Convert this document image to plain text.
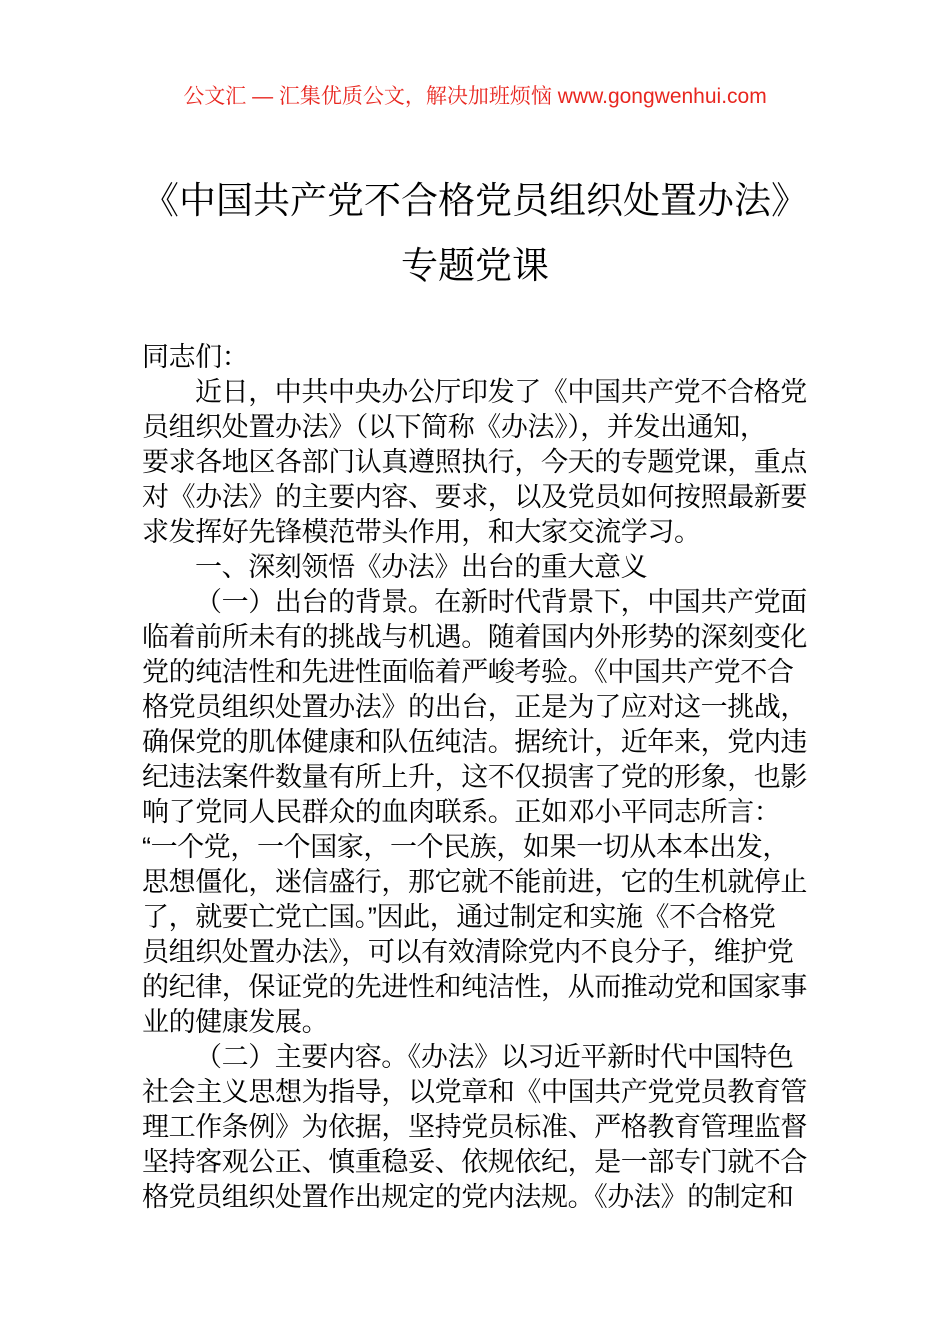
公文汇 — 汇集优质公文，解决加班烦恼 www.gongwenhui.com
《中国共产党不合格党员组织处置办法》
专题党课
同志们：
近日，中共中央办公厅印发了《中国共产党不合格党
员组织处置办法》（以下简称《办法》），并发出通知，
要求各地区各部门认真遵照执行，今天的专题党课，重点
对《办法》的主要内容、要求，以及党员如何按照最新要
求发挥好先锋模范带头作用，和大家交流学习。
一、深刻领悟《办法》出台的重大意义
（一）出台的背景。在新时代背景下，中国共产党面
临着前所未有的挑战与机遇。随着国内外形势的深刻变化
党的纯洁性和先进性面临着严峻考验。《中国共产党不合
格党员组织处置办法》的出台，正是为了应对这一挑战，
确保党的肌体健康和队伍纯洁。据统计，近年来，党内违
纪违法案件数量有所上升，这不仅损害了党的形象，也影
响了党同人民群众的血肉联系。正如邓小平同志所言：
“一个党，一个国家，一个民族，如果一切从本本出发，
思想僵化，迷信盛行，那它就不能前进，它的生机就停止
了，就要亡党亡国。”因此，通过制定和实施《不合格党
员组织处置办法》，可以有效清除党内不良分子，维护党
的纪律，保证党的先进性和纯洁性，从而推动党和国家事
业的健康发展。
（二）主要内容。《办法》以习近平新时代中国特色
社会主义思想为指导，以党章和《中国共产党党员教育管
理工作条例》为依据，坚持党员标准、严格教育管理监督
坚持客观公正、慎重稳妥、依规依纪，是一部专门就不合
格党员组织处置作出规定的党内法规。《办法》的制定和
